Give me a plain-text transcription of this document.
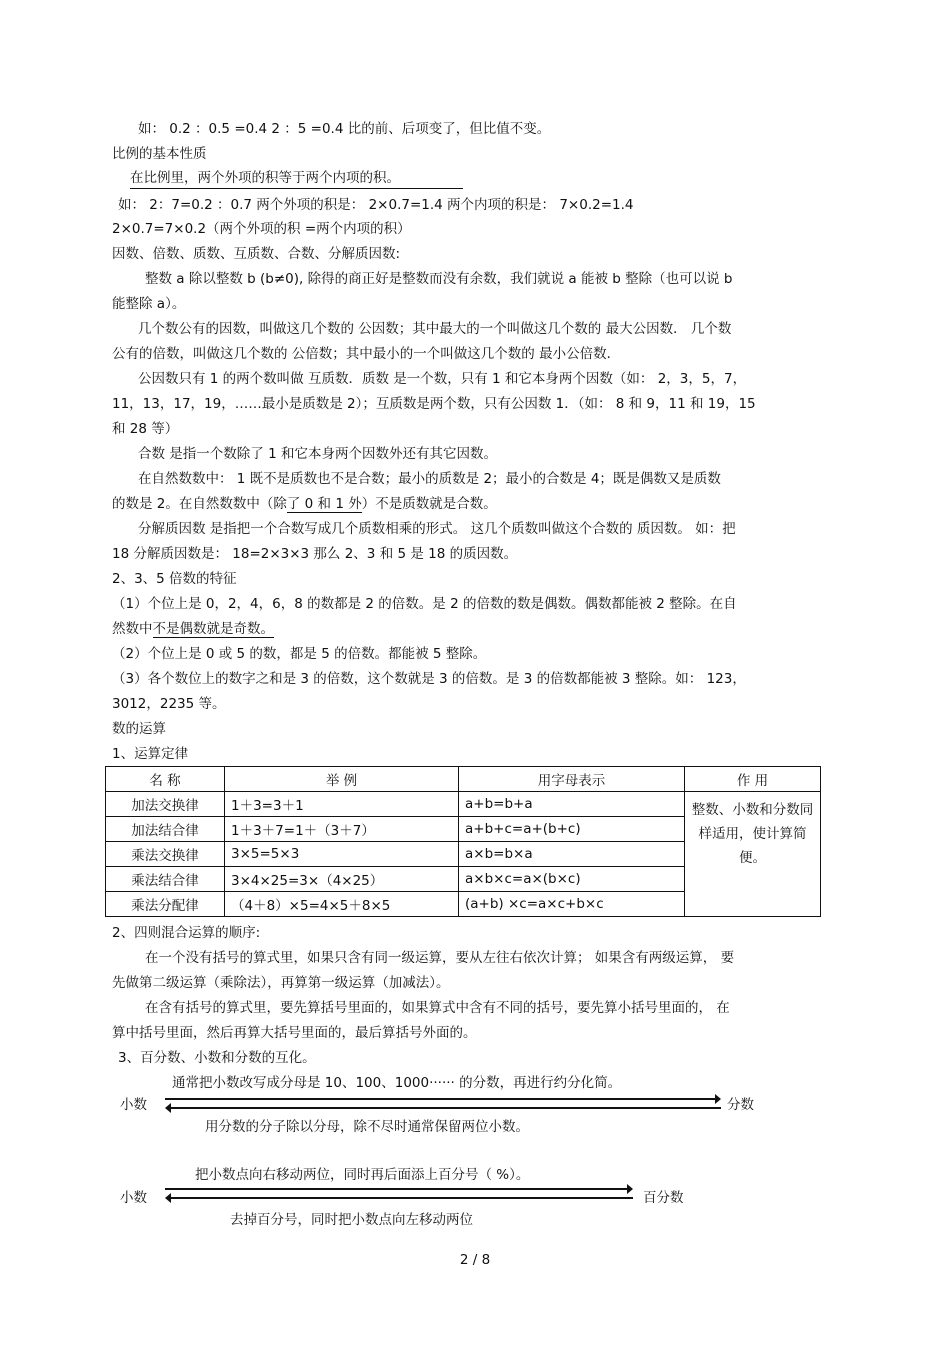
如： 0.2 ：0.5 =0.4 2 ：5 =0.4 比的前、后项变了，但比值不变。

比例的基本性质

在比例里，两个外项的积等于两个内项的积。

如： 2：7=0.2 ：0.7 两个外项的积是： 2×0.7=1.4 两个内项的积是： 7×0.2=1.4

2×0.7=7×0.2（两个外项的积 =两个内项的积）

因数、倍数、质数、互质数、合数、分解质因数:

整数 a 除以整数 b (b≠0), 除得的商正好是整数而没有余数，我们就说 a 能被 b 整除（也可以说 b

能整除 a）。

几个数公有的因数，叫做这几个数的 公因数；其中最大的一个叫做这几个数的 最大公因数． 几个数

公有的倍数，叫做这几个数的 公倍数；其中最小的一个叫做这几个数的 最小公倍数．

公因数只有 1 的两个数叫做 互质数．质数 是一个数，只有 1 和它本身两个因数（如： 2，3，5，7，

11，13，17，19，……最小是质数是 2）；互质数是两个数，只有公因数 1．（如： 8 和 9，11 和 19，15

和 28 等）

合数 是指一个数除了 1 和它本身两个因数外还有其它因数。

在自然数数中： 1 既不是质数也不是合数；最小的质数是 2；最小的合数是 4；既是偶数又是质数

的数是 2。在自然数数中（除了 0 和 1 外）不是质数就是合数。

分解质因数 是指把一个合数写成几个质数相乘的形式。 这几个质数叫做这个合数的 质因数。 如：把

18 分解质因数是： 18=2×3×3 那么 2、3 和 5 是 18 的质因数。

2、3、5 倍数的特征

（1）个位上是 0，2，4，6，8 的数都是 2 的倍数。是 2 的倍数的数是偶数。偶数都能被 2 整除。在自

然数中不是偶数就是奇数。

（2）个位上是 0 或 5 的数，都是 5 的倍数。都能被 5 整除。

（3）各个数位上的数字之和是 3 的倍数，这个数就是 3 的倍数。是 3 的倍数都能被 3 整除。如： 123，

3012，2235 等。

数的运算

1、运算定律

名 称	举 例	用字母表示	作 用
加法交换律	1＋3=3＋1	a+b=b+a	整数、小数和分数同样适用，使计算简便。
加法结合律	1＋3＋7=1＋（3＋7）	a+b+c=a+(b+c)	
乘法交换律	3×5=5×3	a×b=b×a	
乘法结合律	3×4×25=3×（4×25）	a×b×c=a×(b×c)	
乘法分配律	（4＋8）×5=4×5＋8×5	(a+b) ×c=a×c+b×c	

2、四则混合运算的顺序:

在一个没有括号的算式里，如果只含有同一级运算，要从左往右依次计算； 如果含有两级运算， 要

先做第二级运算（乘除法），再算第一级运算（加减法）。

在含有括号的算式里，要先算括号里面的，如果算式中含有不同的括号，要先算小括号里面的， 在

算中括号里面，然后再算大括号里面的，最后算括号外面的。

3、百分数、小数和分数的互化。

通常把小数改写成分母是 10、100、1000······ 的分数，再进行约分化简。

小数	分数

用分数的分子除以分母，除不尽时通常保留两位小数。

把小数点向右移动两位，同时再后面添上百分号（ %）。

小数	百分数

去掉百分号，同时把小数点向左移动两位

2 / 8
